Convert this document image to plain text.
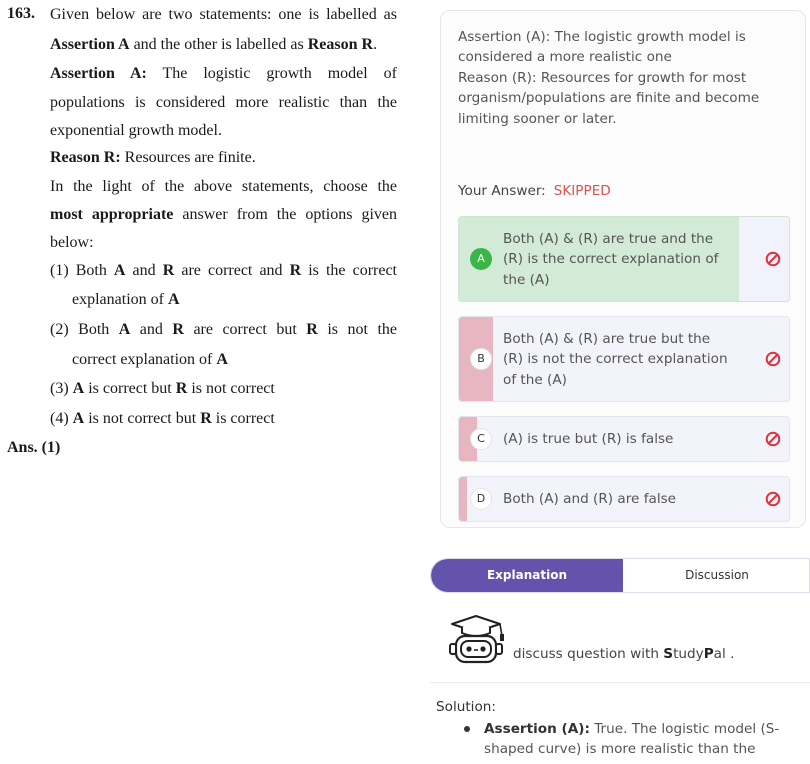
163. Given below are two statements: one is labelled as
Assertion A and the other is labelled as Reason R.
Assertion A: The logistic growth model of
populations is considered more realistic than the
exponential growth model.
Reason R: Resources are finite.
In the light of the above statements, choose the
most appropriate answer from the options given
below:
(1) Both A and R are correct and R is the correct
explanation of A
(2) Both A and R are correct but R is not the
correct explanation of A
(3) A is correct but R is not correct
(4) A is not correct but R is correct
Ans. (1)
Assertion (A): The logistic growth model is considered a more realistic one
Reason (R): Resources for growth for most organism/populations are finite and become limiting sooner or later.
Your Answer: SKIPPED
A
Both (A) & (R) are true and the (R) is the correct explanation of the (A)
B
Both (A) & (R) are true but the (R) is not the correct explanation of the (A)
C	(A) is true but (R) is false
D	Both (A) and (R) are false
Explanation	Discussion
discuss question with StudyPal .
Solution:
Assertion (A): True. The logistic model (S-shaped curve) is more realistic than the
